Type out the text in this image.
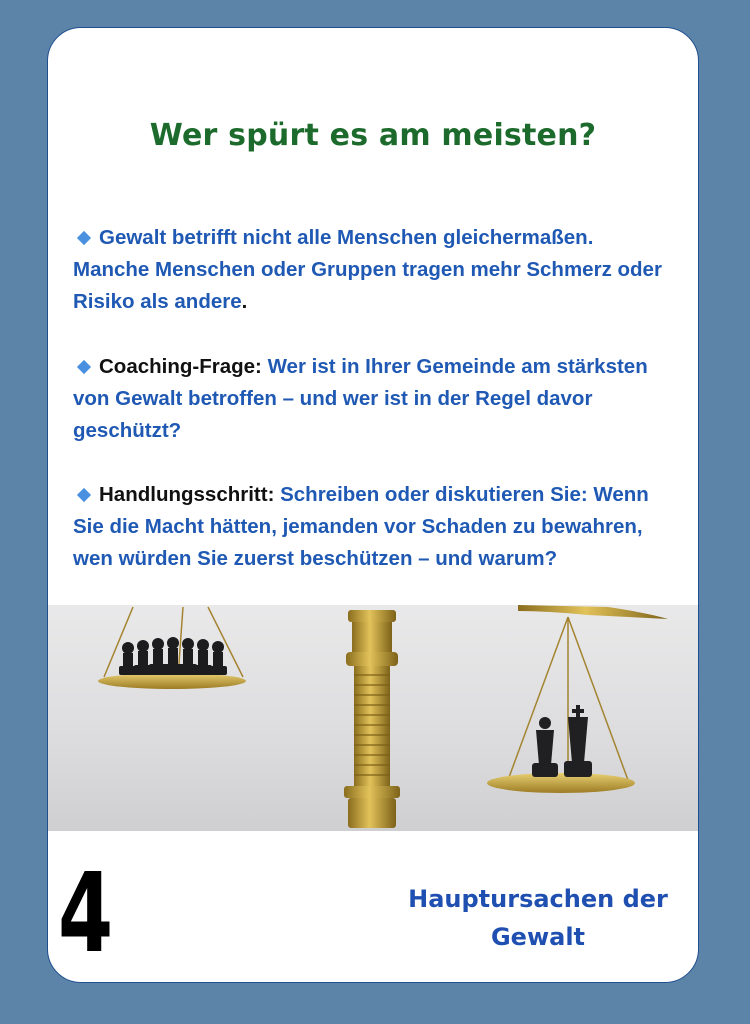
Wer spürt es am meisten?
Gewalt betrifft nicht alle Menschen gleichermaßen. Manche Menschen oder Gruppen tragen mehr Schmerz oder Risiko als andere.
Coaching-Frage: Wer ist in Ihrer Gemeinde am stärksten von Gewalt betroffen – und wer ist in der Regel davor geschützt?
Handlungsschritt: Schreiben oder diskutieren Sie: Wenn Sie die Macht hätten, jemanden vor Schaden zu bewahren, wen würden Sie zuerst beschützen – und warum?
4	Hauptursachen der Gewalt
